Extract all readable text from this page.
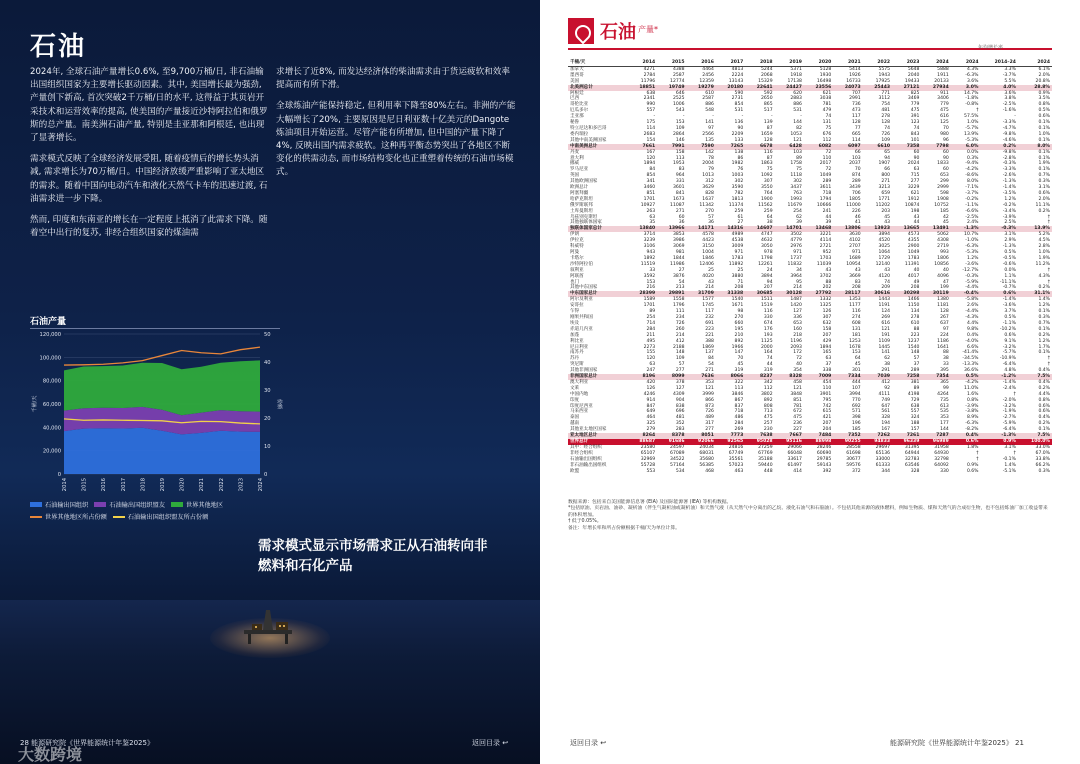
石油

2024年, 全球石油产量增长0.6%, 至9,700万桶/日, 非石油输出国组织国家为主要增长驱动因素。其中, 美国增长最为强劲, 产量创下新高, 首次突破2千万桶/日的水平, 这得益于其页岩开采技术和运营效率的提高, 使美国的产量接近沙特阿拉伯和俄罗斯的总产量。南美洲石油产量, 特别是圭亚那和阿根廷, 也出现了显著增长。

需求模式反映了全球经济发展受阻, 随着疫情后的增长势头消减, 需求增长为70万桶/日。中国经济放缓严重影响了亚太地区的需求。随着中国向电动汽车和液化天然气卡车的迅速过渡, 石油需求进一步下降。

然而, 印度和东南亚的增长在一定程度上抵消了此需求下降。随着空中出行的复苏, 非经合组织国家的煤油需

求增长了近8%, 而发达经济体的柴油需求由于货运疲软和效率提高而有所下滑。

全球炼油产能保持稳定, 但利用率下降至80%左右。非洲的产能大幅增长了20%, 主要原因是尼日利亚数十亿美元的Dangote炼油项目开始运营。尽管产能有所增加, 但中国的产量下降了4%, 反映出国内需求疲软。这种再平衡态势突出了各地区不断变化的供需动态, 而市场结构变化也正重塑着传统的石油市场模式。

石油产量
0
20,000
40,000
60,000
80,000
100,000
120,000
0
10
20
30
40
50
千桶/天	份额
2014	2015	2016	2017	2018	2019	2020	2021	2022	2023	2024
石油输出国组织	石油输出国组织盟友	世界其他地区
世界其他地区所占份额	石油输出国组织盟友所占份额
需求模式显示市场需求正从石油转向非燃料和石化产品
28 能源研究院《世界能源统计年鉴2025》	返回目录 ↩
大数跨境
石油 产量*
年均增长率
千桶/天	2014	2015	2016	2017	2018	2019	2020	2021	2022	2023	2024	2024	2014–24	2024
加拿大	4271	4388	4464	4813	5244	5371	5128	5414	5575	5648	5888	4.3%	3.3%	6.1%
墨西哥	2784	2587	2456	2224	2068	1918	1930	1926	1943	2040	1911	-6.3%	-3.7%	2.0%
美国	11796	12774	12359	13143	15329	17138	16498	16733	17925	19433	20133	3.6%	5.5%	20.8%
北美洲总计	18851	19749	19279	20180	22641	24427	23556	24073	25443	27121	27934	3.0%	4.0%	28.8%
阿根廷	638	646	610	590	592	620	621	707	771	825	911	14.7%	3.6%	0.9%
巴西	2341	2525	2587	2731	2650	2883	3038	2991	3112	3469	3406	-1.8%	3.8%	3.5%
哥伦比亚	990	1006	886	854	865	886	781	736	754	779	779	-0.8%	-2.5%	0.8%
厄瓜多尔	557	543	548	531	517	531	479	473	481	475	475	†	-1.6%	0.5%
圭亚那	-	-	-	-	-	-	74	117	278	391	616	57.5%	-	0.6%
秘鲁	175	153	141	136	139	144	131	128	128	123	125	1.0%	-3.3%	0.1%
特立尼达和多巴哥	114	109	97	90	87	82	75	77	74	74	70	-5.7%	-4.7%	0.1%
委内瑞拉	2683	2864	2566	2209	1659	1053	676	665	726	843	980	13.9%	-9.8%	1.0%
其他中南美洲国家	154	146	135	133	128	121	112	114	109	101	96	-5.3%	-4.6%	0.1%
中南美洲总计	7661	7991	7590	7265	6678	6428	6082	6097	6610	7358	7798	6.0%	0.2%	8.0%
丹麦	167	158	142	138	116	103	72	66	65	60	60	0.0%	-9.8%	0.1%
意大利	120	113	78	86	87	89	110	103	94	90	90	0.3%	-2.8%	0.1%
挪威	1894	1953	2004	1982	1863	1758	2017	2037	1907	2024	1833	-9.4%	-0.3%	1.9%
罗马尼亚	84	83	79	76	75	75	72	70	66	63	60	-4.2%	-3.3%	0.1%
英国	854	964	1013	1003	1092	1118	1049	874	800	715	653	-8.6%	-2.6%	0.7%
其他欧洲国家	341	331	312	302	307	302	289	289	271	277	299	8.0%	-1.3%	0.3%
欧洲总计	3460	3601	3629	3590	3550	3437	3611	3439	3213	3229	2999	-7.1%	-1.4%	3.1%
阿塞拜疆	851	841	828	782	764	763	718	706	659	621	598	-3.7%	-3.5%	0.6%
哈萨克斯坦	1701	1673	1637	1813	1900	1993	1794	1805	1771	1912	1908	-0.2%	1.2%	2.0%
俄罗斯联邦	10927	11087	11342	11374	11562	11679	10666	11000	11202	10874	10752	-1.1%	-0.2%	11.1%
土库曼斯坦	263	271	270	259	259	254	241	226	203	198	185	-6.6%	-3.4%	0.2%
乌兹别克斯坦	63	60	57	61	64	62	44	46	45	43	42	-2.5%	-3.9%	†
其他独联体国家	35	36	36	27	38	39	39	41	43	44	45	2.4%	2.5%	†
独联体国家总计	13840	13966	14171	14316	14607	14701	13468	13806	13923	13665	13491	-1.3%	-0.3%	13.9%
伊朗	3714	3853	4578	4989	4747	3502	3221	3630	3894	4573	5062	10.7%	3.1%	5.2%
伊拉克	3239	3986	4423	4538	4632	4779	4114	4102	4520	4355	4308	-1.0%	2.9%	4.5%
科威特	3106	3069	3150	3009	3050	2976	2721	2707	3025	2900	2719	-6.3%	-1.3%	2.8%
阿曼	943	981	1004	971	978	971	952	971	1064	1049	993	-5.3%	0.5%	1.0%
卡塔尔	1892	1844	1846	1783	1798	1737	1703	1689	1729	1783	1806	1.2%	-0.5%	1.9%
沙特阿拉伯	11519	11986	12406	11892	12261	11832	11039	10954	12140	11391	10856	-3.6%	-0.6%	11.2%
叙利亚	33	27	25	25	24	34	43	43	43	40	40	-12.7%	0.0%	†
阿联酋	3592	3876	4020	3880	3894	3964	3702	3669	4120	4017	4096	-0.3%	1.1%	4.3%
也门	153	54	43	71	94	95	88	83	74	49	47	-5.9%	-11.1%	†
其他中东国家	216	213	214	208	207	214	202	208	209	208	199	-4.4%	-0.7%	0.2%
中东国家总计	28399	29891	31709	31338	30685	30128	27792	28117	30616	30298	30119	-0.4%	0.6%	31.1%
阿尔及利亚	1589	1558	1577	1540	1511	1487	1332	1353	1443	1466	1380	-5.8%	-1.4%	1.4%
安哥拉	1701	1796	1745	1671	1519	1420	1325	1177	1191	1150	1181	2.6%	-3.6%	1.2%
乍得	89	111	117	98	116	127	126	116	124	134	128	-4.4%	3.7%	0.1%
刚果共和国	254	234	232	270	330	336	307	274	269	278	267	-4.3%	0.5%	0.3%
埃及	714	726	691	660	674	653	632	608	616	610	637	4.4%	-1.1%	0.7%
赤道几内亚	284	260	223	195	176	160	158	131	121	88	97	9.8%	-10.2%	0.1%
加蓬	211	214	221	210	193	218	207	181	191	223	224	0.4%	0.6%	0.2%
利比亚	495	412	388	892	1125	1196	429	1253	1109	1237	1186	-4.0%	9.1%	1.2%
尼日利亚	2273	2188	1869	1966	2000	2093	1894	1678	1445	1540	1641	6.6%	-3.2%	1.7%
南苏丹	155	148	137	147	164	172	165	153	141	148	88	-41.4%	-5.7%	0.1%
苏丹	120	109	84	70	74	72	63	64	62	57	38	-34.5%	-10.9%	†
突尼斯	63	57	54	45	44	40	37	45	38	37	33	-13.3%	-6.4%	†
其他非洲国家	247	277	271	319	319	354	338	301	291	289	395	36.6%	4.8%	0.4%
非洲国家总计	8196	8099	7636	8066	8237	8328	7009	7334	7039	7258	7354	0.5%	-1.2%	7.5%
澳大利亚	420	378	353	322	342	458	454	444	412	381	365	-4.2%	-1.4%	0.4%
文莱	126	127	121	113	112	121	110	107	92	89	99	11.0%	-2.4%	0.2%
中国内地	4246	4309	3999	3846	3802	3848	3901	3994	4111	4198	4264	1.6%	†	4.4%
印度	914	904	866	867	892	851	795	770	749	729	735	0.8%	-2.0%	0.8%
印度尼西亚	847	838	873	837	808	781	742	692	647	638	613	-3.9%	-3.2%	0.6%
马来西亚	649	696	726	718	713	672	615	571	561	557	535	-3.8%	-1.9%	0.6%
泰国	464	481	489	486	475	475	421	398	328	324	353	8.9%	-2.7%	0.4%
越南	325	352	317	284	257	236	207	196	194	188	177	-6.3%	-5.9%	0.2%
其他亚太地区国家	279	283	277	269	230	227	204	185	167	157	144	-8.2%	-6.4%	0.1%
亚太地区总计	8264	8378	8051	7773	7638	7667	7484	7352	7262	7261	7287	0.4%	-1.3%	7.5%
世界总计	88687	91686	92066	92565	95028	95116	88998	90255	94833	96339	96989	0.6%	0.9%	100.0%
其中：经合组织	23580	24597	24034	24816	27259	29066	28246	28558	29697	31395	31958	1.8%	3.1%	33.0%
非经合组织	65107	67089	68031	67749	67769	66048	60690	61698	65136	64944	64930	†	†	67.0%
石油输出国组织	32969	34522	35680	35561	35188	33617	29785	30677	33000	32783	32798	†	-0.1%	33.8%
非石油输出国组织	55728	57164	56385	57023	59440	61497	59143	59576	61333	63546	64092	0.9%	1.4%	66.2%
欧盟	553	534	468	463	448	414	392	372	344	328	330	0.6%	-5.1%	0.3%
数据来源：包括来自美国能源信息署 (EIA) 及国际能源署 (IEA) 等机构数据。
*包括原油、页岩油、油砂、凝析油（伴生气凝析油或凝析油）和天然气液（从天然气中分离出的乙烷、液化石油气和石脑油）。不包括其他来源的液体燃料，例如生物质、煤和天然气的合成衍生物，也不包括炼油厂加工收益带来的体积增加。
† 低于0.05%。
备注：年增长率和所占份额根据千桶/天为单位计算。
返回目录 ↩	能源研究院《世界能源统计年鉴2025》 21
